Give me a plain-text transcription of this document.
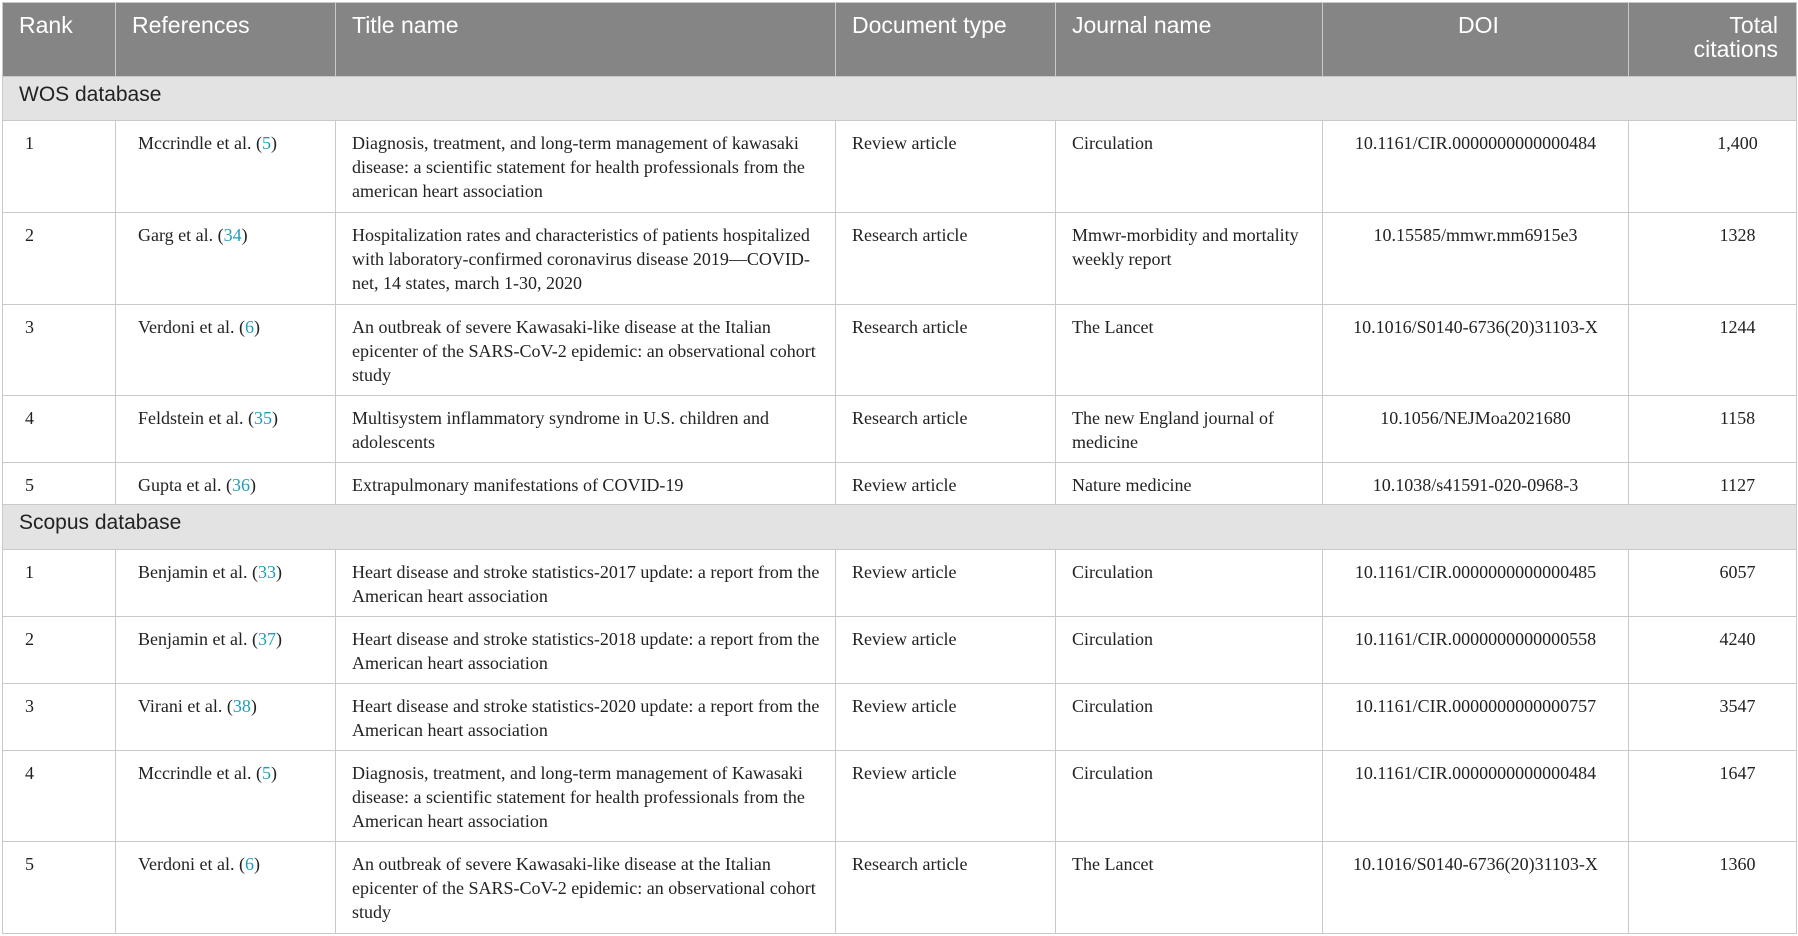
Rank	References	Title name	Document type	Journal name	DOI	Total citations
WOS database						
1	Mccrindle et al. (5)	Diagnosis, treatment, and long-term management of kawasaki disease: a scientific statement for health professionals from the american heart association	Review article	Circulation	10.1161/CIR.0000000000000484	1,400
2	Garg et al. (34)	Hospitalization rates and characteristics of patients hospitalized with laboratory-confirmed coronavirus disease 2019—COVID-net, 14 states, march 1-30, 2020	Research article	Mmwr-morbidity and mortality weekly report	10.15585/mmwr.mm6915e3	1328
3	Verdoni et al. (6)	An outbreak of severe Kawasaki-like disease at the Italian epicenter of the SARS-CoV-2 epidemic: an observational cohort study	Research article	The Lancet	10.1016/S0140-6736(20)31103-X	1244
4	Feldstein et al. (35)	Multisystem inflammatory syndrome in U.S. children and adolescents	Research article	The new England journal of medicine	10.1056/NEJMoa2021680	1158
5	Gupta et al. (36)	Extrapulmonary manifestations of COVID-19	Review article	Nature medicine	10.1038/s41591-020-0968-3	1127
Scopus database						
1	Benjamin et al. (33)	Heart disease and stroke statistics-2017 update: a report from the American heart association	Review article	Circulation	10.1161/CIR.0000000000000485	6057
2	Benjamin et al. (37)	Heart disease and stroke statistics-2018 update: a report from the American heart association	Review article	Circulation	10.1161/CIR.0000000000000558	4240
3	Virani et al. (38)	Heart disease and stroke statistics-2020 update: a report from the American heart association	Review article	Circulation	10.1161/CIR.0000000000000757	3547
4	Mccrindle et al. (5)	Diagnosis, treatment, and long-term management of Kawasaki disease: a scientific statement for health professionals from the American heart association	Review article	Circulation	10.1161/CIR.0000000000000484	1647
5	Verdoni et al. (6)	An outbreak of severe Kawasaki-like disease at the Italian epicenter of the SARS-CoV-2 epidemic: an observational cohort study	Research article	The Lancet	10.1016/S0140-6736(20)31103-X	1360
